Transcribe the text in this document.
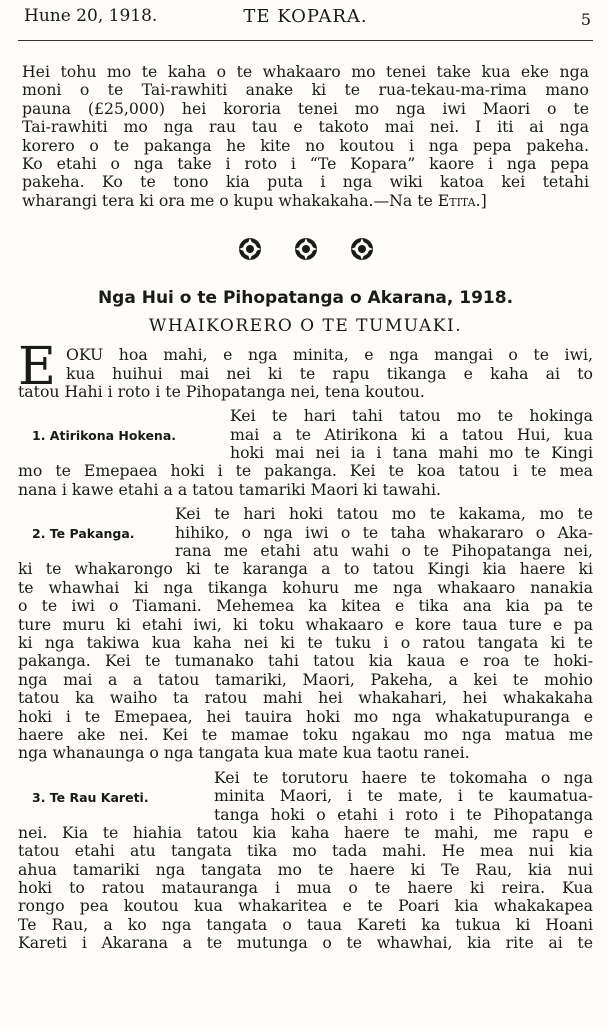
Hune 20, 1918.	TE KOPARA.	5
Hei tohu mo te kaha o te whakaaro mo tenei take kua eke nga
moni o te Tai-rawhiti anake ki te rua-tekau-ma-rima mano
pauna (£25,000) hei kororia tenei mo nga iwi Maori o te
Tai-rawhiti mo nga rau tau e takoto mai nei. I iti ai nga
korero o te pakanga he kite no koutou i nga pepa pakeha.
Ko etahi o nga take i roto i “Te Kopara” kaore i nga pepa
pakeha. Ko te tono kia puta i nga wiki katoa kei tetahi
wharangi tera ki ora me o kupu whakakaha.—Na te Etita.]
Nga Hui o te Pihopatanga o Akarana, 1918.
WHAIKORERO O TE TUMUAKI.
E OKU hoa mahi, e nga minita, e nga mangai o te iwi,
kua huihui mai nei ki te rapu tikanga e kaha ai to
tatou Hahi i roto i te Pihopatanga nei, tena koutou.
1. Atirikona Hokena.
Kei te hari tahi tatou mo te hokinga
mai a te Atirikona ki a tatou Hui, kua
hoki mai nei ia i tana mahi mo te Kingi
mo te Emepaea hoki i te pakanga. Kei te koa tatou i te mea
nana i kawe etahi a a tatou tamariki Maori ki tawahi.
2. Te Pakanga.
Kei te hari hoki tatou mo te kakama, mo te
hihiko, o nga iwi o te taha whakararo o Aka-
rana me etahi atu wahi o te Pihopatanga nei,
ki te whakarongo ki te karanga a to tatou Kingi kia haere ki
te whawhai ki nga tikanga kohuru me nga whakaaro nanakia
o te iwi o Tiamani. Mehemea ka kitea e tika ana kia pa te
ture muru ki etahi iwi, ki toku whakaaro e kore taua ture e pa
ki nga takiwa kua kaha nei ki te tuku i o ratou tangata ki te
pakanga. Kei te tumanako tahi tatou kia kaua e roa te hoki-
nga mai a a tatou tamariki, Maori, Pakeha, a kei te mohio
tatou ka waiho ta ratou mahi hei whakahari, hei whakakaha
hoki i te Emepaea, hei tauira hoki mo nga whakatupuranga e
haere ake nei. Kei te mamae toku ngakau mo nga matua me
nga whanaunga o nga tangata kua mate kua taotu ranei.
3. Te Rau Kareti.
Kei te torutoru haere te tokomaha o nga
minita Maori, i te mate, i te kaumatua-
tanga hoki o etahi i roto i te Pihopatanga
nei. Kia te hiahia tatou kia kaha haere te mahi, me rapu e
tatou etahi atu tangata tika mo tada mahi. He mea nui kia
ahua tamariki nga tangata mo te haere ki Te Rau, kia nui
hoki to ratou matauranga i mua o te haere ki reira. Kua
rongo pea koutou kua whakaritea e te Poari kia whakakapea
Te Rau, a ko nga tangata o taua Kareti ka tukua ki Hoani
Kareti i Akarana a te mutunga o te whawhai, kia rite ai te
